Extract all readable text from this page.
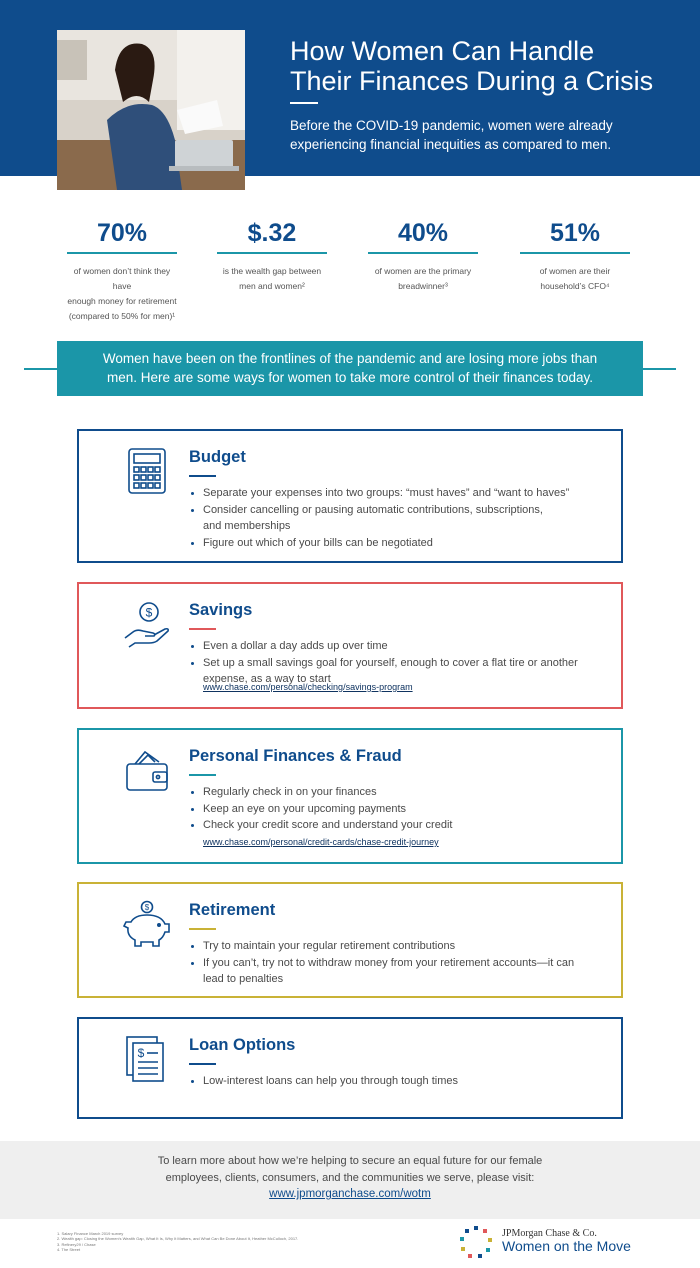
How Women Can Handle
Their Finances During a Crisis
Before the COVID-19 pandemic, women were already
experiencing financial inequities as compared to men.
70%
of women don’t think they have
enough money for retirement
(compared to 50% for men)¹
$.32
is the wealth gap between
men and women²
40%
of women are the primary
breadwinner³
51%
of women are their
household’s CFO⁴
Women have been on the frontlines of the pandemic and are losing more jobs than
men. Here are some ways for women to take more control of their finances today.
Budget
Separate your expenses into two groups: “must haves” and “want to haves”
Consider cancelling or pausing automatic contributions, subscriptions, and memberships
Figure out which of your bills can be negotiated
$ Savings
Even a dollar a day adds up over time
Set up a small savings goal for yourself, enough to cover a flat tire or another expense, as a way to start
www.chase.com/personal/checking/savings-program
Personal Finances & Fraud
Regularly check in on your finances
Keep an eye on your upcoming payments
Check your credit score and understand your credit
www.chase.com/personal/credit-cards/chase-credit-journey
$ Retirement
Try to maintain your regular retirement contributions
If you can’t, try not to withdraw money from your retirement accounts—it can lead to penalties
$	Loan Options
Low-interest loans can help you through tough times
To learn more about how we’re helping to secure an equal future for our female
employees, clients, consumers, and the communities we serve, please visit:
www.jpmorganchase.com/wotm
1. Salary Finance March 2019 survey
2. Wealth gap: Closing the Women’s Wealth Gap, What It Is, Why It Matters, and What Can Be Done About It, Heather McCulloch, 2017.
3. Refinery29 / Chase
4. The Street
JPMorgan Chase & Co.
Women on the Move
